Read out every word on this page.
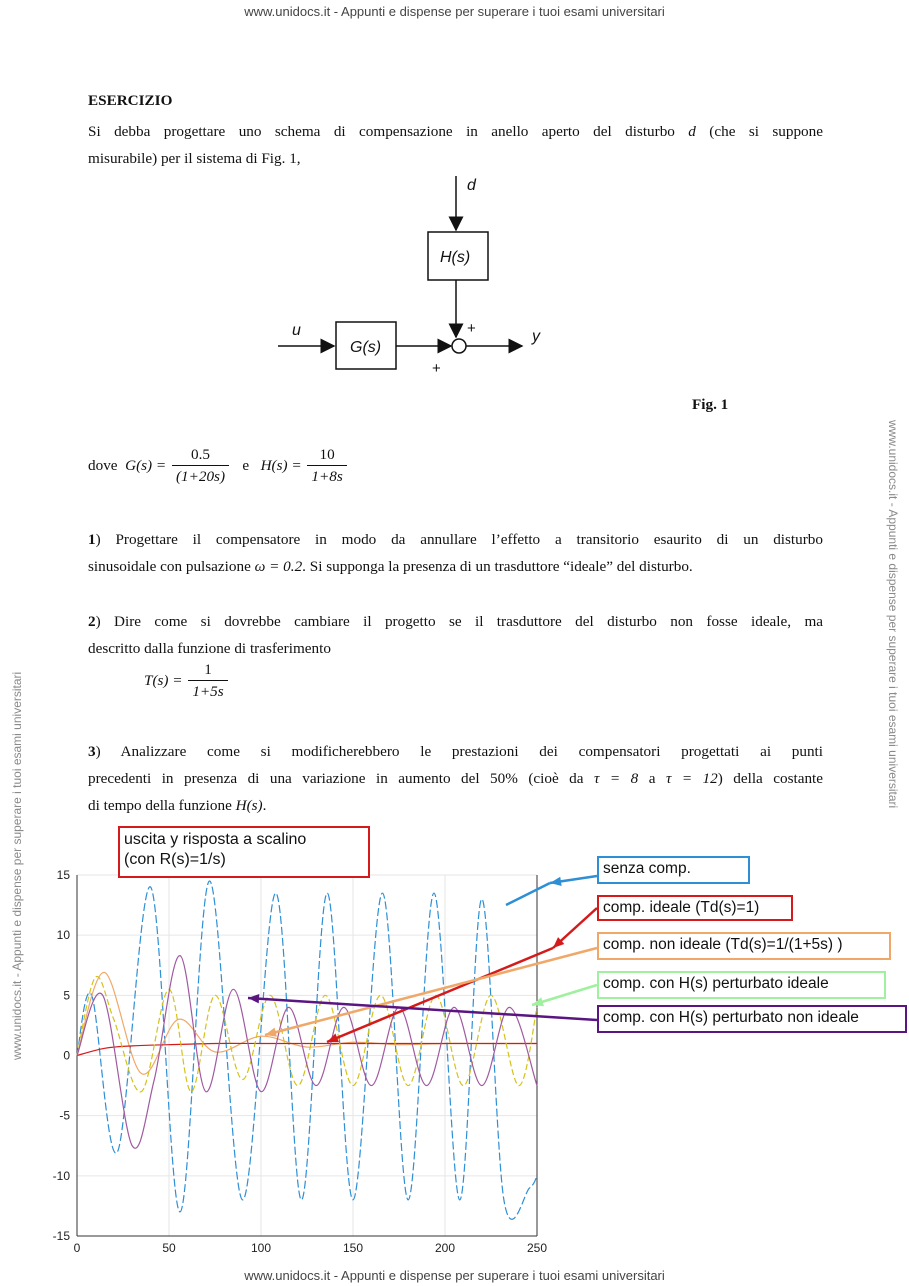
www.unidocs.it - Appunti e dispense per superare i tuoi esami universitari
www.unidocs.it - Appunti e dispense per superare i tuoi esami universitari
www.unidocs.it - Appunti e dispense per superare i tuoi esami universitari
www.unidocs.it - Appunti e dispense per superare i tuoi esami universitari
ESERCIZIO
Si debba progettare uno schema di compensazione in anello aperto del disturbo d (che si suppone
misurabile) per il sistema di Fig. 1,
d
H(s)
u
G(s)
y
+
+
Fig. 1
dove $G(s) = \frac{0.5}{(1+20s)}$ e $H(s) = \frac{10}{1+8s}$
1) Progettare il compensatore in modo da annullare l’effetto a transitorio esaurito di un disturbo
sinusoidale con pulsazione ω = 0.2. Si supponga la presenza di un trasduttore “ideale” del disturbo.
2) Dire come si dovrebbe cambiare il progetto se il trasduttore del disturbo non fosse ideale, ma
descritto dalla funzione di trasferimento
$T(s) = \frac{1}{1+5s}$
3) Analizzare come si modificherebbero le prestazioni dei compensatori progettati ai punti
precedenti in presenza di una variazione in aumento del 50% (cioè da τ = 8 a τ = 12) della costante
di tempo della funzione H(s).
0	50	100	150	200	250
15
10
5
0
-5
-10
-15
uscita y risposta a scalino
(con R(s)=1/s)
senza comp.
comp. ideale (Td(s)=1)
comp. non ideale (Td(s)=1/(1+5s) )
comp. con H(s) perturbato ideale
comp. con H(s) perturbato non ideale
